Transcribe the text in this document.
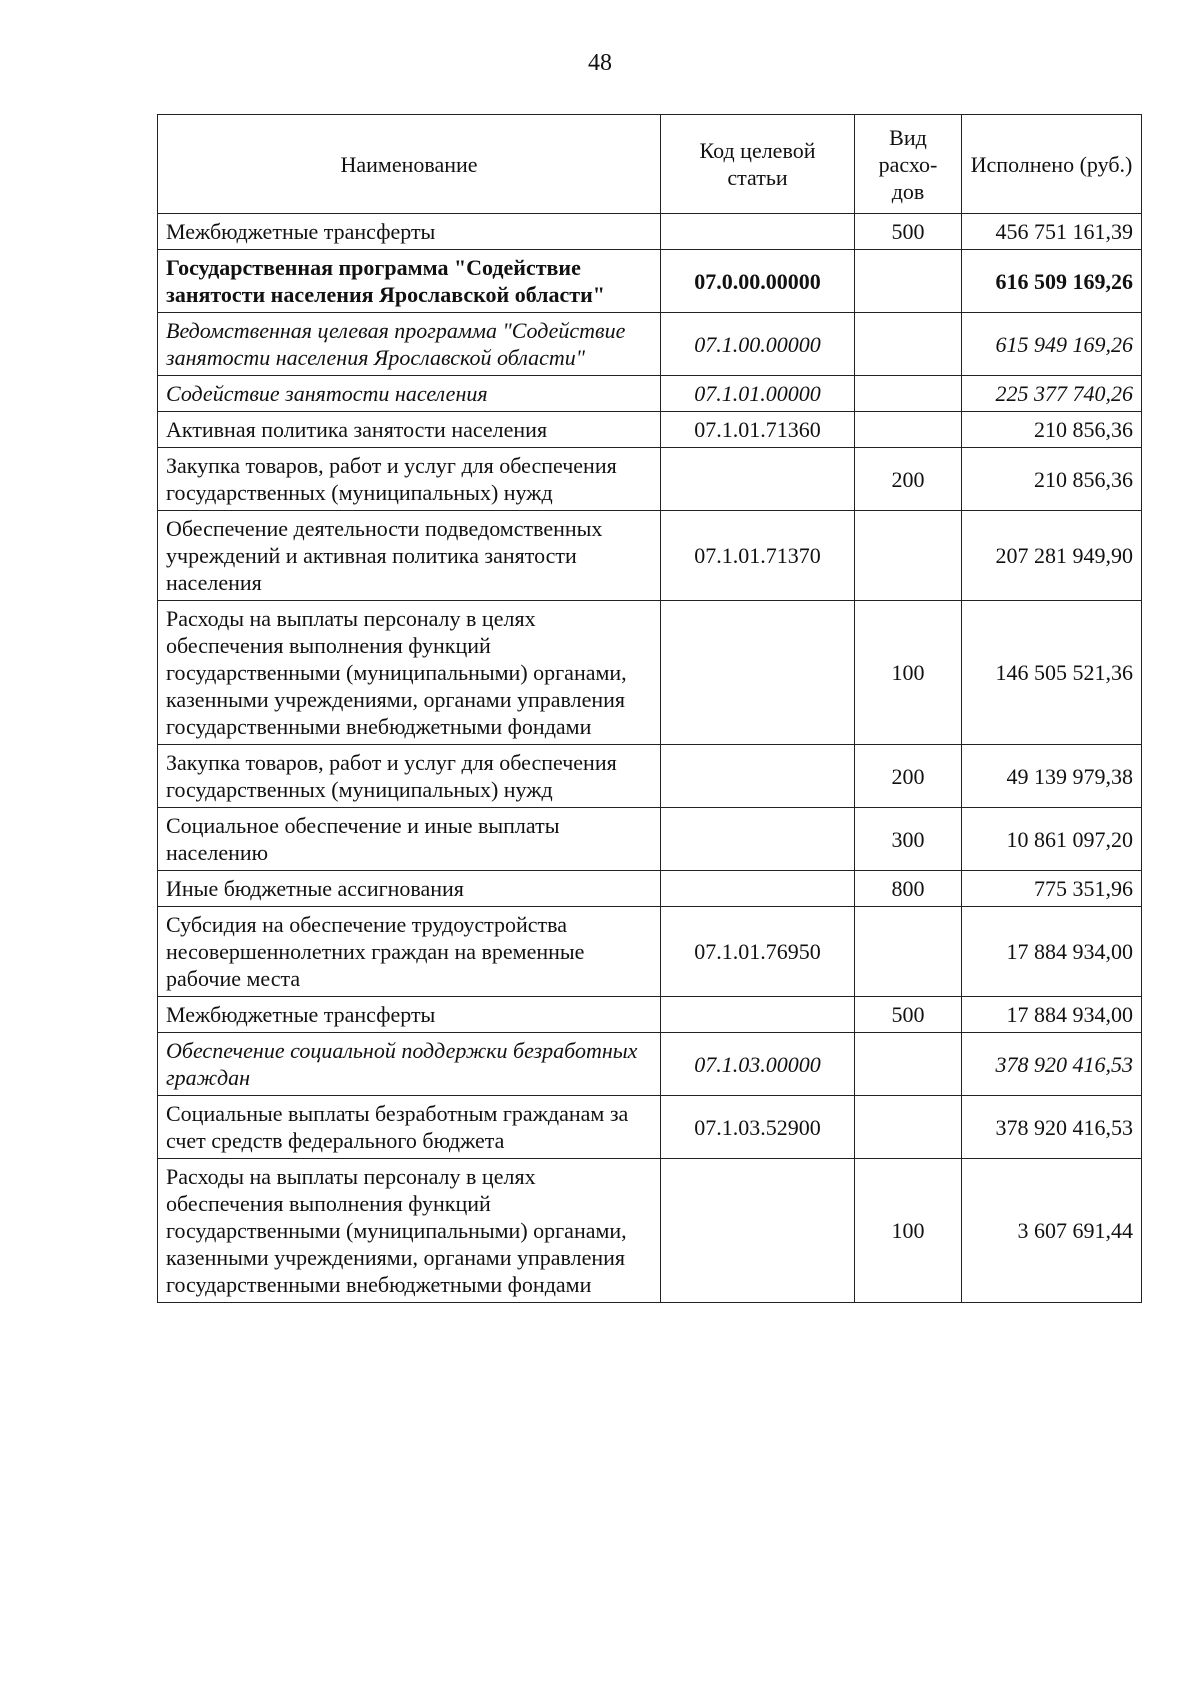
48
Наименование	Код целевой статьи	Вид расхо-дов	Исполнено (руб.)
Межбюджетные трансферты		500	456 751 161,39
Государственная программа "Содействие занятости населения Ярославской области"	07.0.00.00000		616 509 169,26
Ведомственная целевая программа "Содействие занятости населения Ярославской области"	07.1.00.00000		615 949 169,26
Содействие занятости населения	07.1.01.00000		225 377 740,26
Активная политика занятости населения	07.1.01.71360		210 856,36
Закупка товаров, работ и услуг для обеспечения государственных (муниципальных) нужд		200	210 856,36
Обеспечение деятельности подведомственных учреждений и активная политика занятости населения	07.1.01.71370		207 281 949,90
Расходы на выплаты персоналу в целях обеспечения выполнения функций государственными (муниципальными) органами, казенными учреждениями, органами управления государственными внебюджетными фондами		100	146 505 521,36
Закупка товаров, работ и услуг для обеспечения государственных (муниципальных) нужд		200	49 139 979,38
Социальное обеспечение и иные выплаты населению		300	10 861 097,20
Иные бюджетные ассигнования		800	775 351,96
Субсидия на обеспечение трудоустройства несовершеннолетних граждан на временные рабочие места	07.1.01.76950		17 884 934,00
Межбюджетные трансферты		500	17 884 934,00
Обеспечение социальной поддержки безработных граждан	07.1.03.00000		378 920 416,53
Социальные выплаты безработным гражданам за счет средств федерального бюджета	07.1.03.52900		378 920 416,53
Расходы на выплаты персоналу в целях обеспечения выполнения функций государственными (муниципальными) органами, казенными учреждениями, органами управления государственными внебюджетными фондами		100	3 607 691,44
